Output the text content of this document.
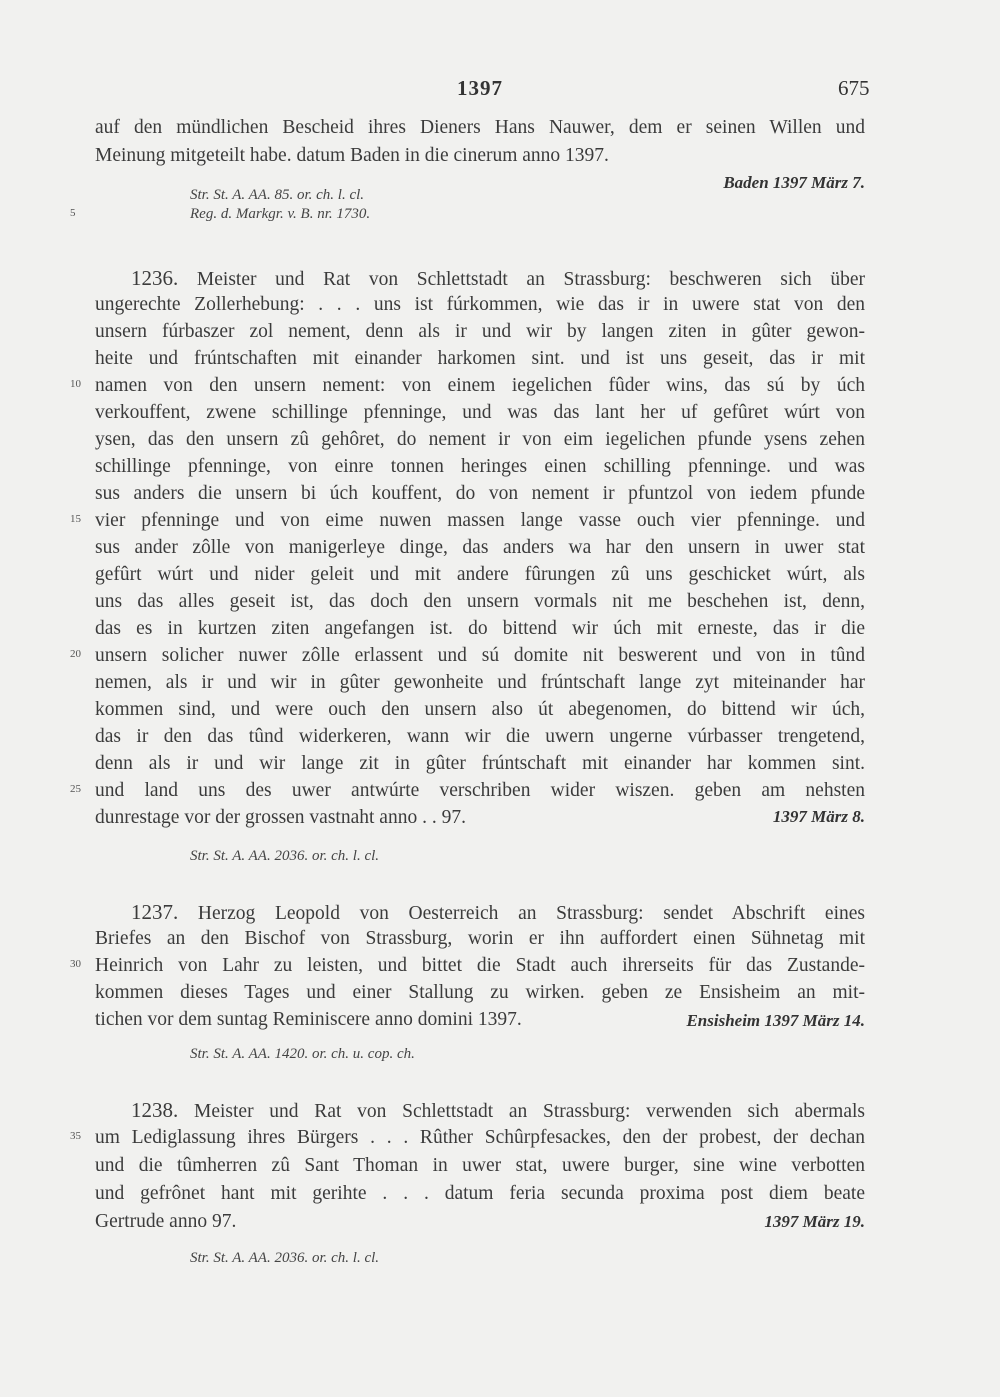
1397	675
auf den mündlichen Bescheid ihres Dieners Hans Nauwer, dem er seinen Willen und
Meinung mitgeteilt habe. datum Baden in die cinerum anno 1397.
Baden 1397 März 7.
Str. St. A. AA. 85. or. ch. l. cl.
5	Reg. d. Markgr. v. B. nr. 1730.
1236. Meister und Rat von Schlettstadt an Strassburg: beschweren sich über
ungerechte Zollerhebung: . . . uns ist fúrkommen, wie das ir in uwere stat von den
unsern fúrbaszer zol nement, denn als ir und wir by langen ziten in gûter gewon-
heite und frúntschaften mit einander harkomen sint. und ist uns geseit, das ir mit
10 namen von den unsern nement: von einem iegelichen fûder wins, das sú by úch
verkouffent, zwene schillinge pfenninge, und was das lant her uf gefûret wúrt von
ysen, das den unsern zû gehôret, do nement ir von eim iegelichen pfunde ysens zehen
schillinge pfenninge, von einre tonnen heringes einen schilling pfenninge. und was
sus anders die unsern bi úch kouffent, do von nement ir pfuntzol von iedem pfunde
15 vier pfenninge und von eime nuwen massen lange vasse ouch vier pfenninge. und
sus ander zôlle von manigerleye dinge, das anders wa har den unsern in uwer stat
gefûrt wúrt und nider geleit und mit andere fûrungen zû uns geschicket wúrt, als
uns das alles geseit ist, das doch den unsern vormals nit me beschehen ist, denn,
das es in kurtzen ziten angefangen ist. do bittend wir úch mit erneste, das ir die
20 unsern solicher nuwer zôlle erlassent und sú domite nit beswerent und von in tûnd
nemen, als ir und wir in gûter gewonheite und frúntschaft lange zyt miteinander har
kommen sind, und were ouch den unsern also út abegenomen, do bittend wir úch,
das ir den das tûnd widerkeren, wann wir die uwern ungerne vúrbasser trengetend,
denn als ir und wir lange zit in gûter frúntschaft mit einander har kommen sint.
25 und land uns des uwer antwúrte verschriben wider wiszen. geben am nehsten
dunrestage vor der grossen vastnaht anno . . 97.	1397 März 8.
Str. St. A. AA. 2036. or. ch. l. cl.
1237. Herzog Leopold von Oesterreich an Strassburg: sendet Abschrift eines
Briefes an den Bischof von Strassburg, worin er ihn auffordert einen Sühnetag mit
30 Heinrich von Lahr zu leisten, und bittet die Stadt auch ihrerseits für das Zustande-
kommen dieses Tages und einer Stallung zu wirken. geben ze Ensisheim an mit-
tichen vor dem suntag Reminiscere anno domini 1397.	Ensisheim 1397 März 14.
Str. St. A. AA. 1420. or. ch. u. cop. ch.
1238. Meister und Rat von Schlettstadt an Strassburg: verwenden sich abermals
35 um Lediglassung ihres Bürgers . . . Rûther Schûrpfesackes, den der probest, der dechan
und die tûmherren zû Sant Thoman in uwer stat, uwere burger, sine wine verbotten
und gefrônet hant mit gerihte . . . datum feria secunda proxima post diem beate
Gertrude anno 97.	1397 März 19.
Str. St. A. AA. 2036. or. ch. l. cl.
